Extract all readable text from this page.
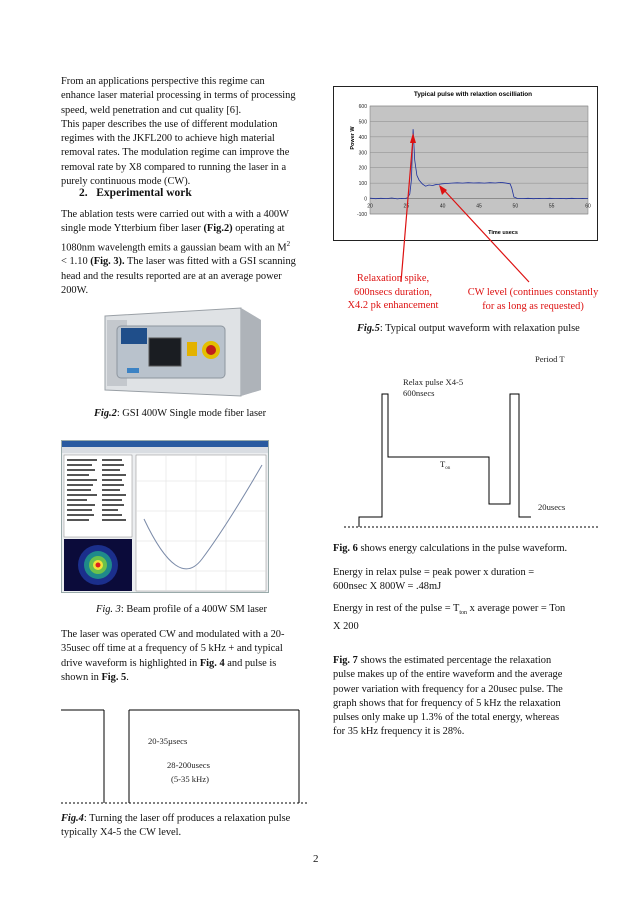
From an applications perspective this regime can
enhance laser material processing in terms of processing
speed, weld penetration and cut quality [6].
This paper describes the use of different modulation
regimes with the JKFL200 to achieve high material
removal rates. The modulation regime can improve the
removal rate by X8 compared to running the laser in a
purely continuous mode (CW).
2. Experimental work
The ablation tests were carried out with a with a 400W
single mode Ytterbium fiber laser (Fig.2) operating at
1080nm wavelength emits a gaussian beam with an $M^2$
< 1.10 (Fig. 3). The laser was fitted with a GSI scanning
head and the results reported are at an average power
200W.
Fig.2: GSI 400W Single mode fiber laser
Fig. 3: Beam profile of a 400W SM laser
The laser was operated CW and modulated with a 20-
35usec off time at a frequency of 5 kHz + and typical
drive waveform is highlighted in Fig. 4 and pulse is
shown in Fig. 5.
20-35µsecs
28-200usecs
(5-35 kHz)
Fig.4: Turning the laser off produces a relaxation pulse
typically X4-5 the CW level.
2
Typical pulse with relaxtion oscilliation
Power W
Time usecs
-100
0
100
200
300
400
500
600
20	25	40	45	50	55	60
Relaxation spike,
600nsecs duration,
X4.2 pk enhancement
CW level (continues constantly
for as long as requested)
Fig.5: Typical output waveform with relaxation pulse
Period T
Relax pulse X4-5
600nsecs
$T_{on}$
20usecs
Fig. 6 shows energy calculations in the pulse waveform.
Energy in relax pulse = peak power x duration =
600nsec X 800W = .48mJ
Energy in rest of the pulse = $T_{ton}$ x average power = Ton
X 200
Fig. 7 shows the estimated percentage the relaxation
pulse makes up of the entire waveform and the average
power variation with frequency for a 20usec pulse. The
graph shows that for frequency of 5 kHz the relaxation
pulses only make up 1.3% of the total energy, whereas
for 35 kHz frequency it is 28%.
